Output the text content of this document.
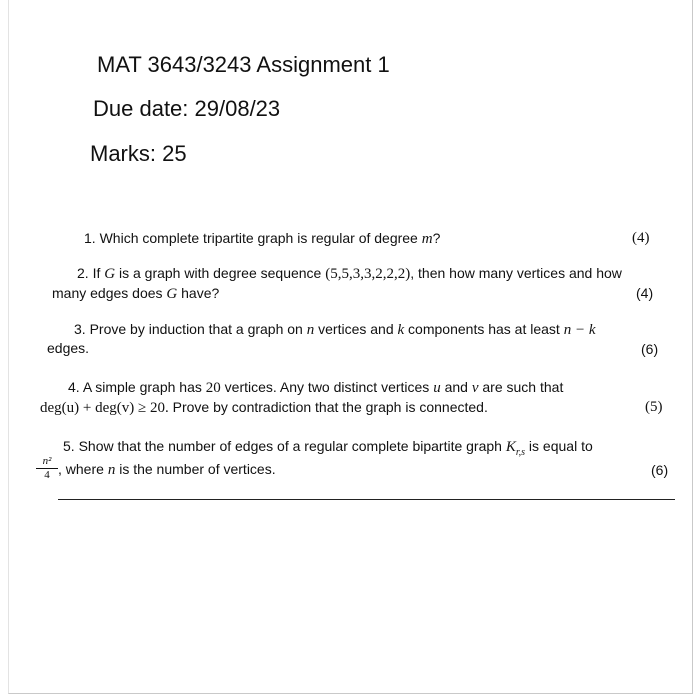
MAT 3643/3243 Assignment 1
Due date: 29/08/23
Marks: 25
1. Which complete tripartite graph is regular of degree m?	(4)
2. If G is a graph with degree sequence (5,5,3,3,2,2,2), then how many vertices and how
many edges does G have?	(4)
3. Prove by induction that a graph on n vertices and k components has at least n − k
edges.	(6)
4. A simple graph has 20 vertices. Any two distinct vertices u and v are such that
deg(u) + deg(v) ≥ 20. Prove by contradiction that the graph is connected.	(5)
5. Show that the number of edges of a regular complete bipartite graph $K_{r,s}$ is equal to
$\frac{\text{n²}}{4}$ , where n is the number of vertices.	(6)
